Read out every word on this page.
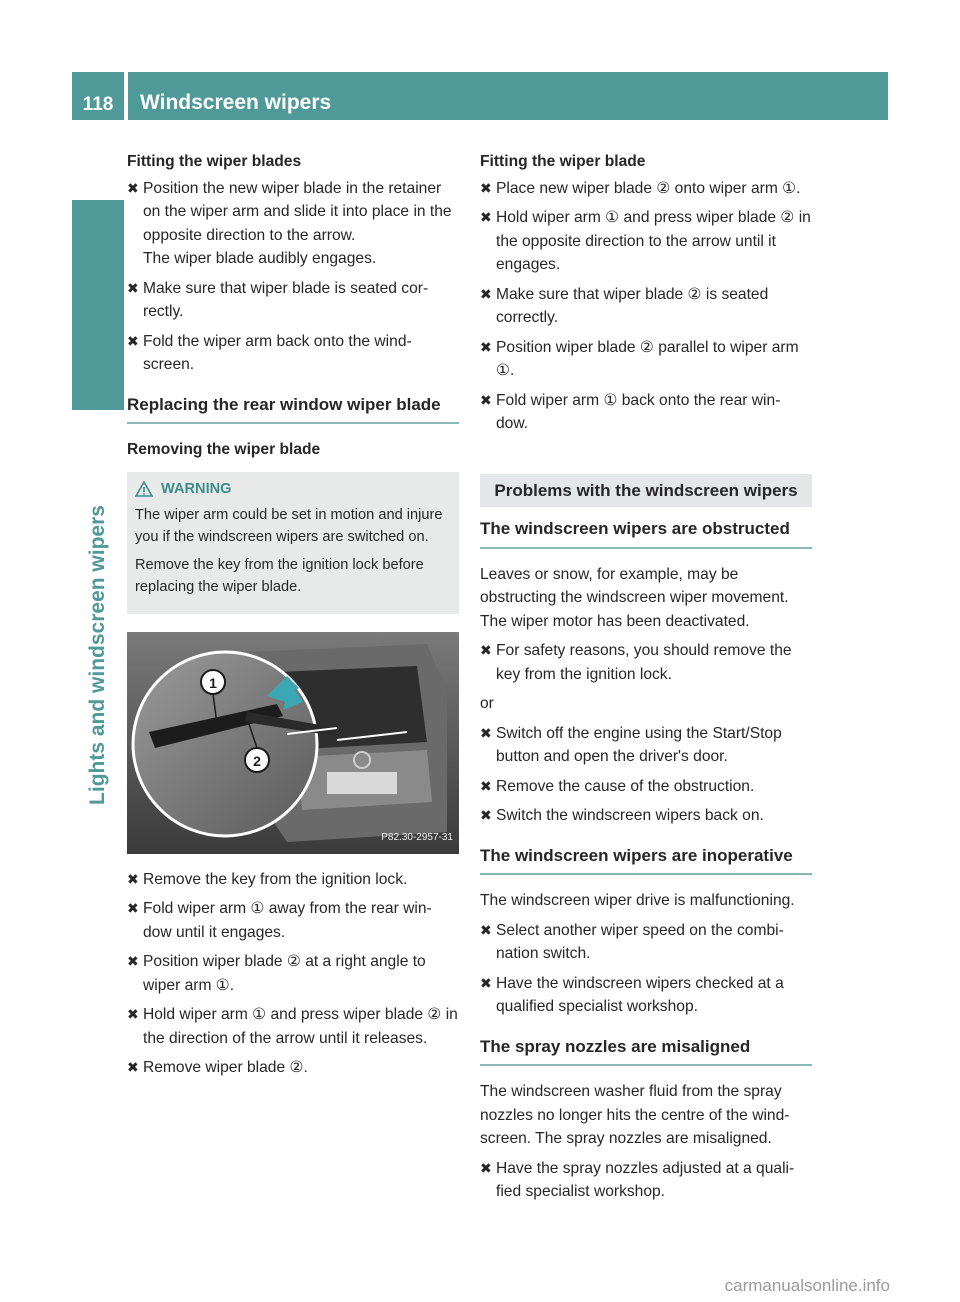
118	Windscreen wipers
Lights and windscreen wipers
Fitting the wiper blades
✖ Position the new wiper blade in the retainer on the wiper arm and slide it into place in the opposite direction to the arrow.
The wiper blade audibly engages.
✖ Make sure that wiper blade is seated cor- rectly.
✖ Fold the wiper arm back onto the wind- screen.
Replacing the rear window wiper blade
Removing the wiper blade
WARNING

The wiper arm could be set in motion and injure you if the windscreen wipers are switched on.

Remove the key from the ignition lock before replacing the wiper blade.

1
2
P82.30-2957-31
✖ Remove the key from the ignition lock.
✖ Fold wiper arm ① away from the rear win- dow until it engages.
✖ Position wiper blade ② at a right angle to wiper arm ①.
✖ Hold wiper arm ① and press wiper blade ② in the direction of the arrow until it releases.
✖ Remove wiper blade ②.
Fitting the wiper blade
✖ Place new wiper blade ② onto wiper arm ①.
✖ Hold wiper arm ① and press wiper blade ② in the opposite direction to the arrow until it engages.
✖ Make sure that wiper blade ② is seated correctly.
✖ Position wiper blade ② parallel to wiper arm ①.
✖ Fold wiper arm ① back onto the rear win- dow.
Problems with the windscreen wipers
The windscreen wipers are obstructed

Leaves or snow, for example, may be obstructing the windscreen wiper movement. The wiper motor has been deactivated.

✖ For safety reasons, you should remove the key from the ignition lock.

or

✖ Switch off the engine using the Start/Stop button and open the driver's door.
✖ Remove the cause of the obstruction.
✖ Switch the windscreen wipers back on.
The windscreen wipers are inoperative

The windscreen wiper drive is malfunctioning.

✖ Select another wiper speed on the combi- nation switch.
✖ Have the windscreen wipers checked at a qualified specialist workshop.
The spray nozzles are misaligned

The windscreen washer fluid from the spray nozzles no longer hits the centre of the wind- screen. The spray nozzles are misaligned.

✖ Have the spray nozzles adjusted at a quali- fied specialist workshop.
carmanualsonline.info
